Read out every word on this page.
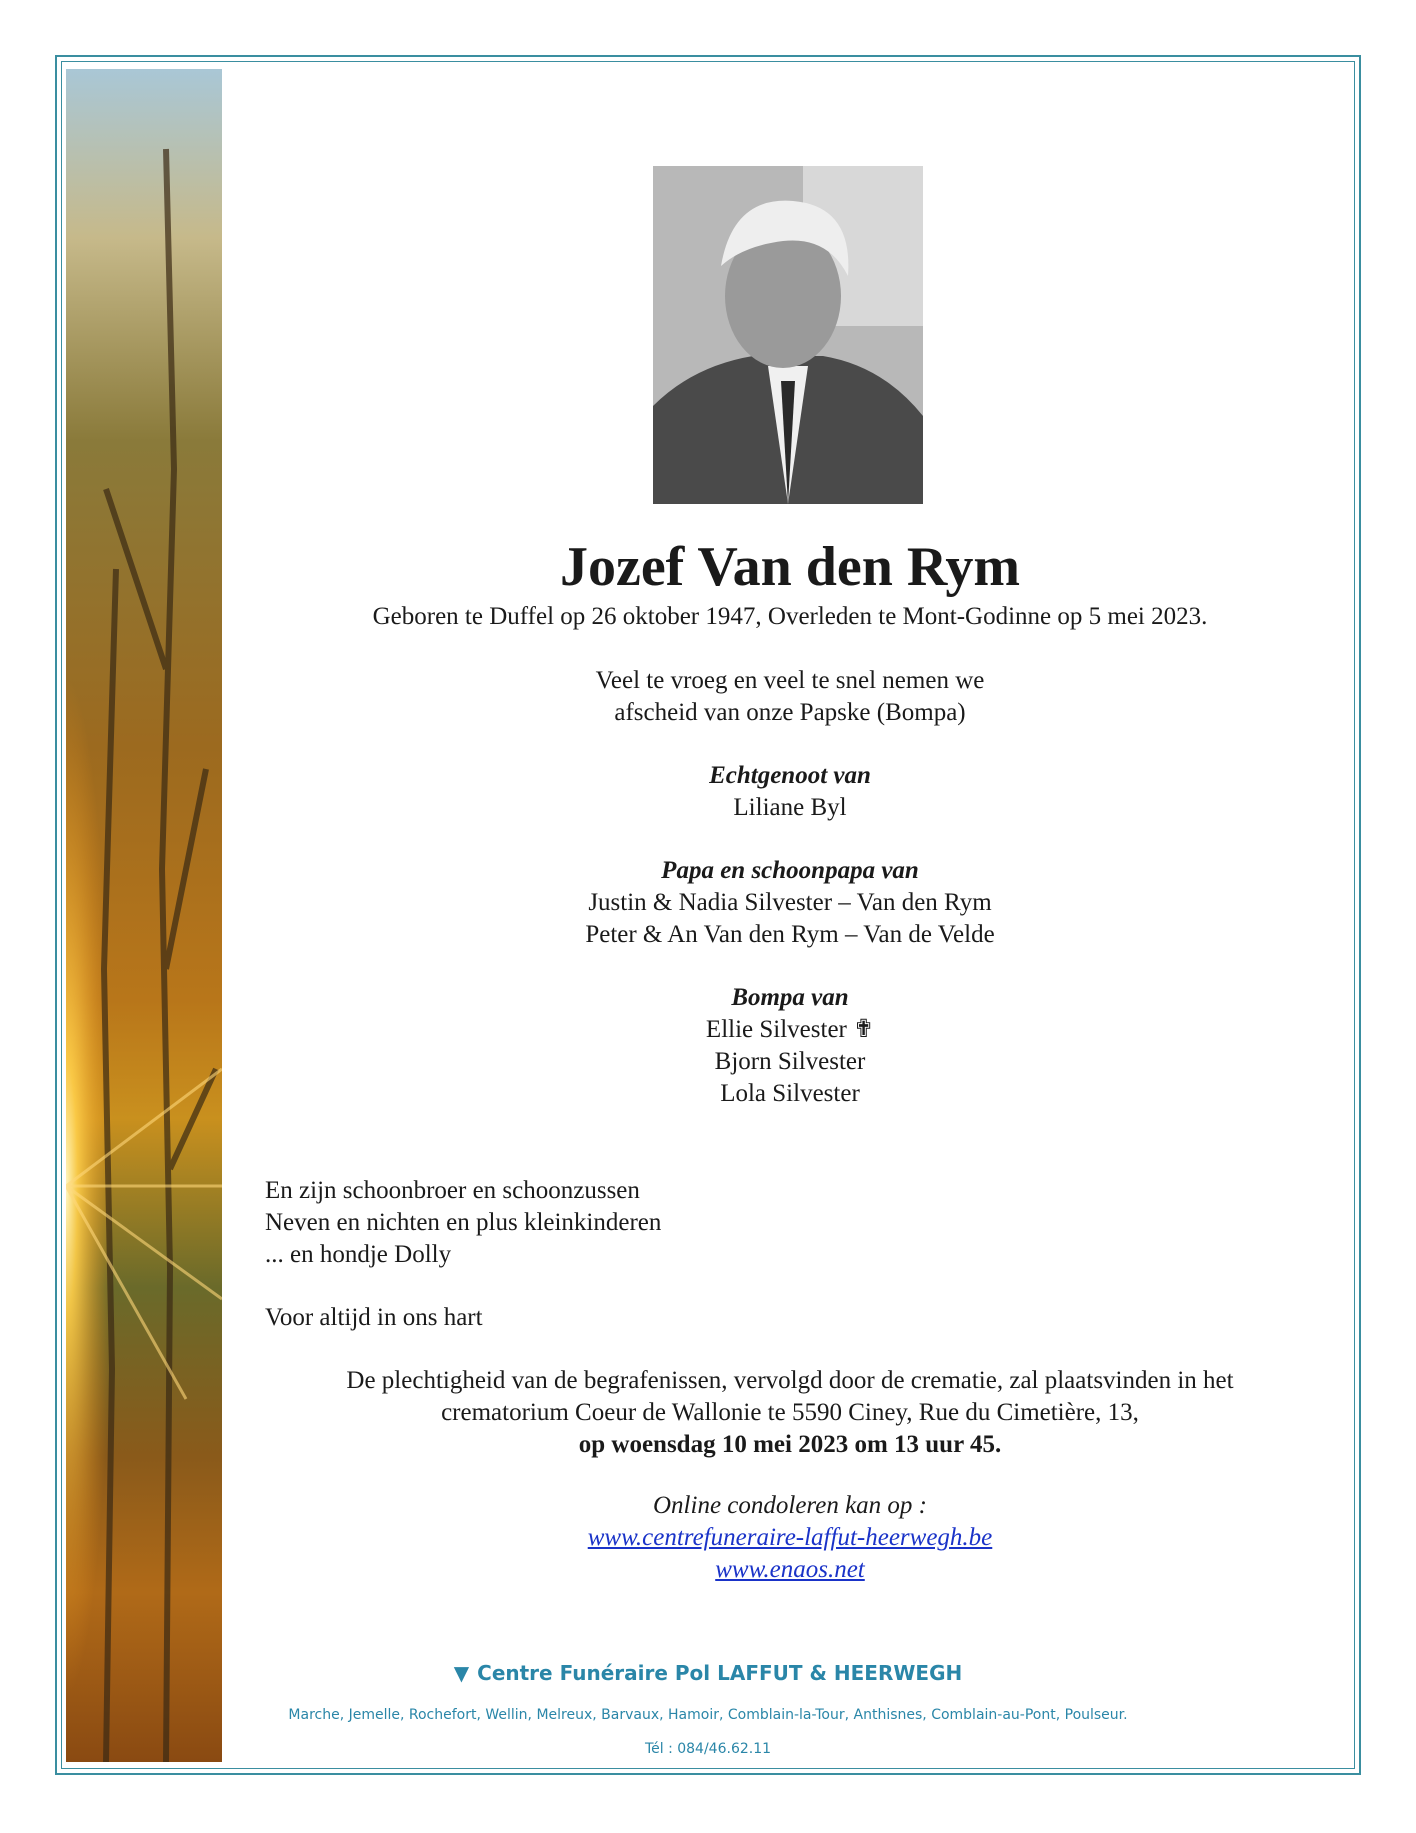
Jozef Van den Rym
Geboren te Duffel op 26 oktober 1947, Overleden te Mont-Godinne op 5 mei 2023.
Veel te vroeg en veel te snel nemen we
afscheid van onze Papske (Bompa)
Echtgenoot van
Liliane Byl
Papa en schoonpapa van
Justin & Nadia Silvester – Van den Rym
Peter & An Van den Rym – Van de Velde
Bompa van
Ellie Silvester ✟
Bjorn Silvester
Lola Silvester
En zijn schoonbroer en schoonzussen
Neven en nichten en plus kleinkinderen
... en hondje Dolly
Voor altijd in ons hart
De plechtigheid van de begrafenissen, vervolgd door de crematie, zal plaatsvinden in het
crematorium Coeur de Wallonie te 5590 Ciney, Rue du Cimetière, 13,
op woensdag 10 mei 2023 om 13 uur 45.
Online condoleren kan op :
www.centrefuneraire-laffut-heerwegh.be
www.enaos.net
▼ Centre Funéraire Pol LAFFUT & HEERWEGH
Marche, Jemelle, Rochefort, Wellin, Melreux, Barvaux, Hamoir, Comblain-la-Tour, Anthisnes, Comblain-au-Pont, Poulseur.
Tél : 084/46.62.11
